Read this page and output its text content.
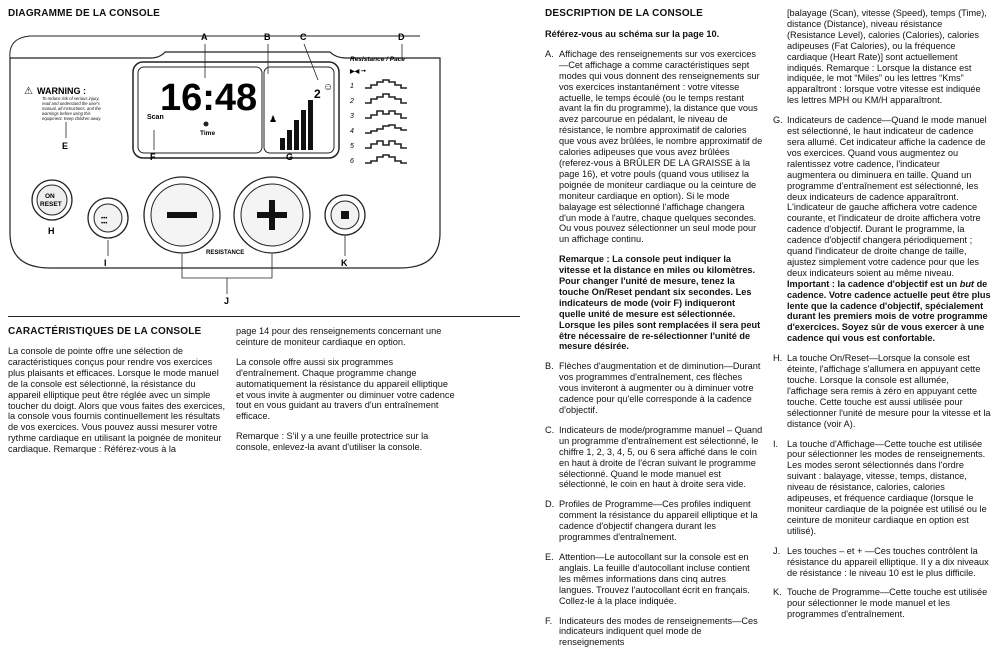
DIAGRAMME DE LA CONSOLE
16:48
Scan
Time
♟
2 ☺
WARNING :
⚠
To reduce risk of serious injury, read and understand the user's manual, all instructions, and the warnings before using this equipment. Keep children away.
Resistance / Pace
▶◀ 🠖
1
2
3
4
5
6
ON
RESET
•••
•••
RESISTANCE
A	B	C	D
E
F	G
H
I	K
J
CARACTÉRISTIQUES DE LA CONSOLE
La console de pointe offre une sélection de caractéristiques conçus pour rendre vos exercices plus plaisants et efficaces. Lorsque le mode manuel de la console est sélectionné, la résistance du appareil elliptique peut être réglée avec un simple toucher du doigt. Alors que vous faites des exercices, la console vous fournis continuellement les résultats de vos exercices. Vous pouvez aussi mesurer votre rythme cardiaque en utilisant la poignée de moniteur cardiaque. Remarque : Référez-vous à la

page 14 pour des renseignements concernant une ceinture de moniteur cardiaque en option.

La console offre aussi six programmes d'entraînement. Chaque programme change automatiquement la résistance du appareil elliptique et vous invite à augmenter ou diminuer votre cadence tout en vous guidant au travers d'un entraînement efficace.

Remarque : S'il y a une feuille protectrice sur la console, enlevez-la avant d'utiliser la console.

DESCRIPTION DE LA CONSOLE
Référez-vous au schéma sur la page 10.
A. Affichage des renseignements sur vos exercices—Cet affichage a comme caractéristiques sept modes qui vous donnent des renseignements sur vos exercices instantanément : votre vitesse actuelle, le temps écoulé (ou le temps restant avant la fin du programme), la distance que vous avez parcourue en pédalant, le niveau de résistance, le nombre approximatif de calories que vous avez brûlées, le nombre approximatif de calories adipeuses que vous avez brûlées (referez-vous à BRÛLER DE LA GRAISSE à la page 16), et votre pouls (quand vous utilisez la poignée de moniteur cardiaque ou la ceinture de moniteur cardiaque en option). Si le mode balayage est sélectionné l'affichage changera d'un mode à l'autre, chaque quelques secondes. Ou vous pouvez sélectionner un seul mode pour un affichage continu.
Remarque : La console peut indiquer la vitesse et la distance en miles ou kilomètres. Pour changer l'unité de mesure, tenez la touche On/Reset pendant six secondes. Les indicateurs de mode (voir F) indiqueront quelle unité de mesure est sélectionnée. Lorsque les piles sont remplacées il sera peut être nécessaire de re-sélectionner l'unité de mesure désirée.
B. Flèches d'augmentation et de diminution—Durant vos programmes d'entraînement, ces flèches vous inviteront à augmenter ou à diminuer votre cadence pour qu'elle corresponde à la cadence d'objectif.
C. Indicateurs de mode/programme manuel – Quand un programme d'entraînement est sélectionné, le chiffre 1, 2, 3, 4, 5, ou 6 sera affiché dans le coin en haut à droite de l'écran suivant le programme sélectionné. Quand le mode manuel est sélectionné, le coin en haut à droite sera vide.
D. Profiles de Programme—Ces profiles indiquent comment la résistance du appareil elliptique et la cadence d'objectif changera durant les programmes d'entraînement.
E. Attention—Le autocollant sur la console est en anglais. La feuille d'autocollant incluse contient les mêmes informations dans cinq autres langues. Trouvez l'autocollant écrit en français. Collez-le à la place indiquée.
F. Indicateurs des modes de renseignements—Ces indicateurs indiquent quel mode de renseignements
[balayage (Scan), vitesse (Speed), temps (Time), distance (Distance), niveau résistance (Resistance Level), calories (Calories), calories adipeuses (Fat Calories), ou la fréquence cardiaque (Heart Rate)] sont actuellement indiqués. Remarque : Lorsque la distance est indiquée, le mot “Miles” ou les lettres “Kms” apparaîtront : lorsque votre vitesse est indiquée les lettres MPH ou KM/H apparaîtront.
G. Indicateurs de cadence—Quand le mode manuel est sélectionné, le haut indicateur de cadence sera allumé. Cet indicateur affiche la cadence de vos exercices. Quand vous augmentez ou ralentissez votre cadence, l'indicateur augmentera ou diminuera en taille. Quand un programme d'entraînement est sélectionné, les deux indicateurs de cadence apparaîtront. L'indicateur de gauche affichera votre cadence courante, et l'indicateur de droite affichera votre cadence d'objectif. Durant le programme, la cadence d'objectif changera périodiquement ; quand l'indicateur de droite change de taille, ajustez simplement votre cadence pour que les deux indicateurs soient au même niveau. Important : la cadence d'objectif est un but de cadence. Votre cadence actuelle peut être plus lente que la cadence d'objectif, spécialement durant les premiers mois de votre programme d'exercices. Soyez sûr de vous exercer à une cadence qui vous est confortable.
H. La touche On/Reset—Lorsque la console est éteinte, l'affichage s'allumera en appuyant cette touche. Lorsque la console est allumée, l'affichage sera remis à zéro en appuyant cette touche. Cette touche est aussi utilisée pour sélectionner l'unité de mesure pour la vitesse et la distance (voir A).
I. La touche d'Affichage—Cette touche est utilisée pour sélectionner les modes de renseignements. Les modes seront sélectionnés dans l'ordre suivant : balayage, vitesse, temps, distance, niveau de résistance, calories, calories adipeuses, et fréquence cardiaque (lorsque le moniteur cardiaque de la poignée est utilisé ou le ceinture de moniteur cardiaque en option est utilisé).
J. Les touches – et + —Ces touches contrôlent la résistance du appareil elliptique. Il y a dix niveaux de résistance : le niveau 10 est le plus difficile.
K. Touche de Programme—Cette touche est utilisée pour sélectionner le mode manuel et les programmes d'entraînement.
